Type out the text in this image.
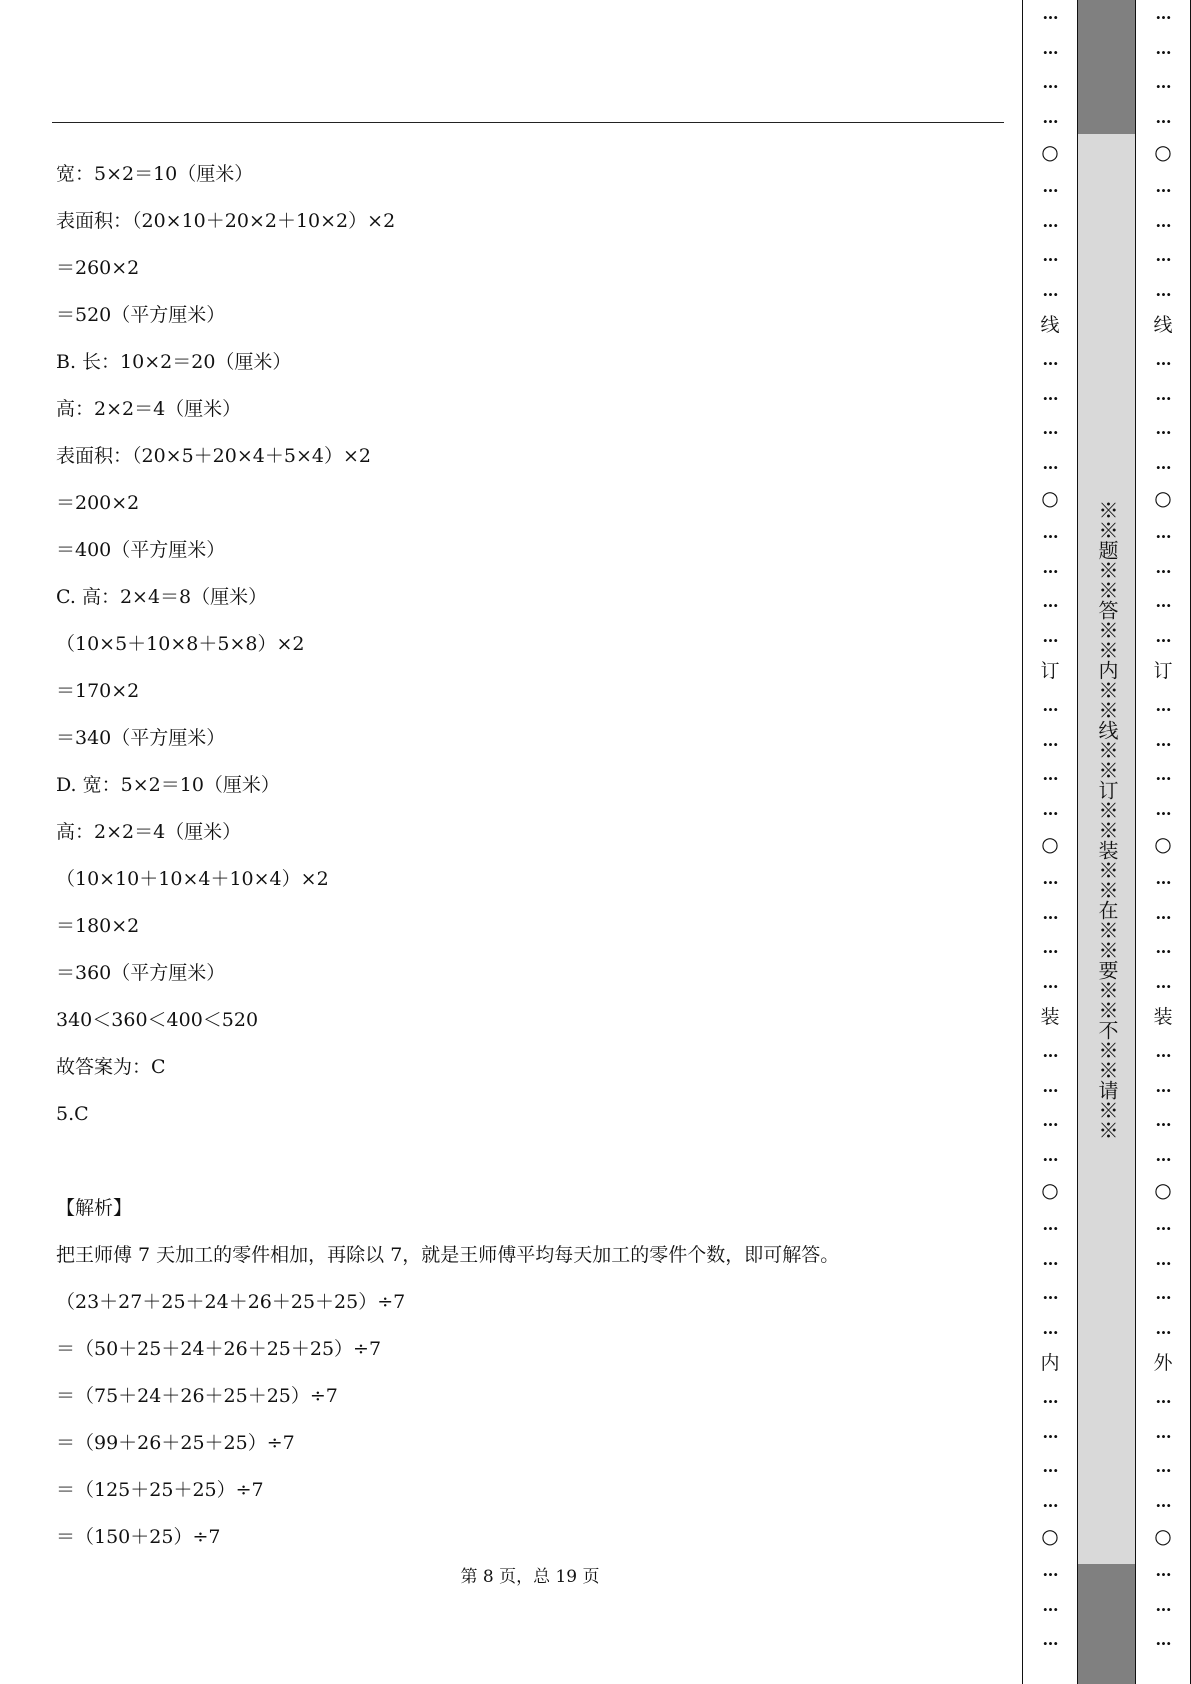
宽：5×2＝10（厘米）
表面积：（20×10＋20×2＋10×2）×2
＝260×2
＝520（平方厘米）
B. 长：10×2＝20（厘米）
高：2×2＝4（厘米）
表面积：（20×5＋20×4＋5×4）×2
＝200×2
＝400（平方厘米）
C. 高：2×4＝8（厘米）
（10×5＋10×8＋5×8）×2
＝170×2
＝340（平方厘米）
D. 宽：5×2＝10（厘米）
高：2×2＝4（厘米）
（10×10＋10×4＋10×4）×2
＝180×2
＝360（平方厘米）
340＜360＜400＜520
故答案为：C
5.C
【解析】
把王师傅 7 天加工的零件相加，再除以 7，就是王师傅平均每天加工的零件个数，即可解答。
（23＋27＋25＋24＋26＋25＋25）÷7
＝（50＋25＋24＋26＋25＋25）÷7
＝（75＋24＋26＋25＋25）÷7
＝（99＋26＋25＋25）÷7
＝（125＋25＋25）÷7
＝（150＋25）÷7
第 8 页，总 19 页
…
…
…
…
○
…
…
…
…
线
…
…
…
…
○
…
…
…
…
订
…
…
…
…
○
…
…
…
…
装
…
…
…
…
○
…
…
…
…
内
…
…
…
…
○
…
…
…
※※题※※答※※内※※线※※订※※装※※在※※要※※不※※请※※
…
…
…
…
○
…
…
…
…
线
…
…
…
…
○
…
…
…
…
订
…
…
…
…
○
…
…
…
…
装
…
…
…
…
○
…
…
…
…
外
…
…
…
…
○
…
…
…
